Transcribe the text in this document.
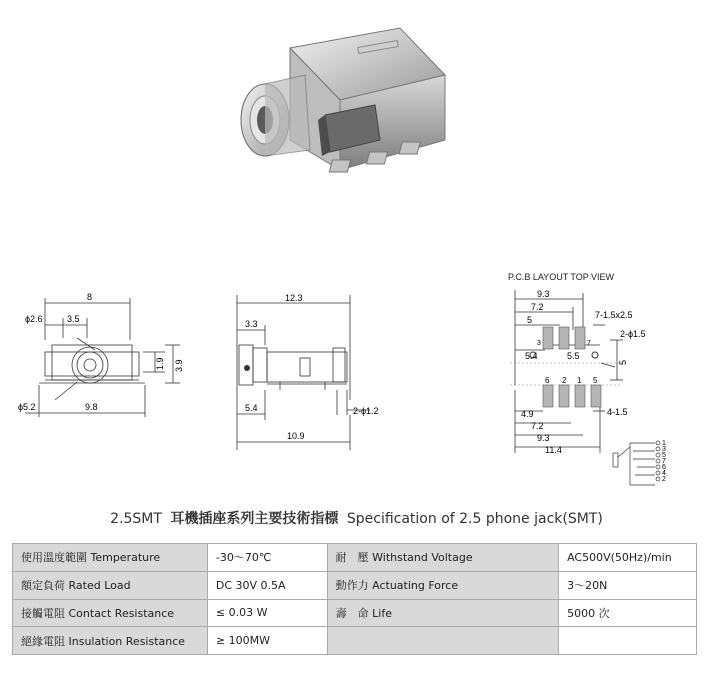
8
ϕ2.6	3.5
1.9 3.9
ϕ5.2	9.8
12.3
3.3
5.4	2-ϕ1.2
10.9
P.C.B LAYOUT TOP VIEW
9.3
7.2
5	7-1.5x2.5
2-ϕ1.5
3	7
5.4	5.5
5
6 2 1 5
4.9	4-1.5
7.2
9.3
11.4
1
3
5
7
6
4
2
2.5SMT 耳機插座系列主要技術指標 Specification of 2.5 phone jack(SMT)
使用溫度範圍 Temperature	-30～70℃	耐　壓 Withstand Voltage	AC500V(50Hz)/min
額定負荷 Rated Load	DC 30V 0.5A	動作力 Actuating Force	3～20N
接觸電阻 Contact Resistance	≤ 0.03 W	壽　命 Life	5000 次
絕緣電阻 Insulation Resistance	≥ 100MW		
